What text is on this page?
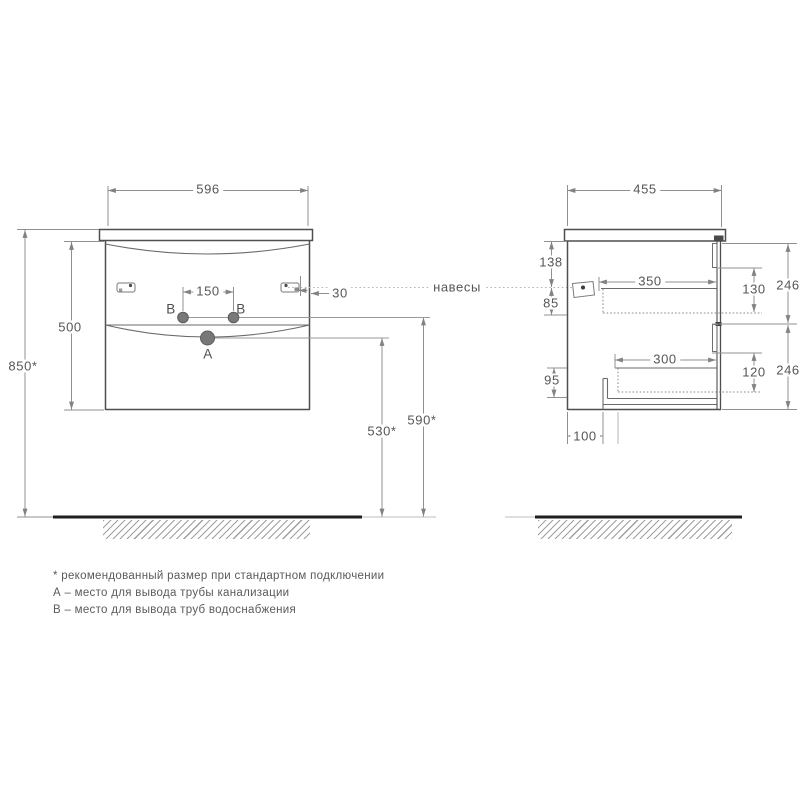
596
850*
500
150	30
530*
590*
B	B
A
навесы
455
138
85
350
130 246
300
120 246
95
100
* рекомендованный размер при стандартном подключении
А – место для вывода трубы канализации
В – место для вывода труб водоснабжения
